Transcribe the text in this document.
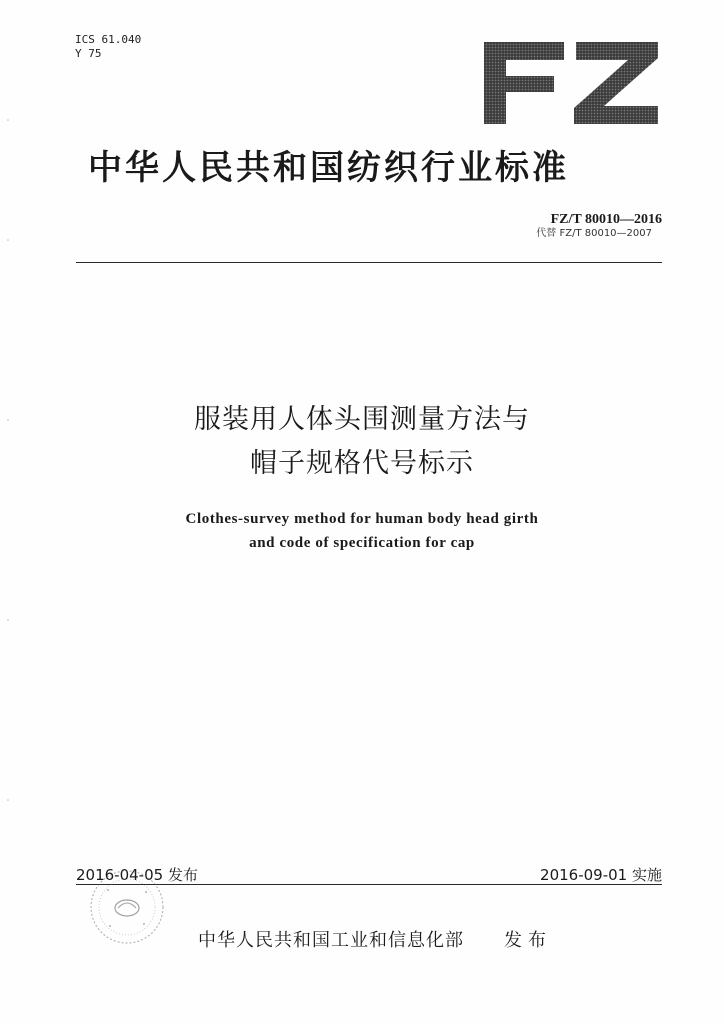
ICS 61.040
Y 75
中华人民共和国纺织行业标准
FZ/T 80010—2016
代替 FZ/T 80010—2007
服装用人体头围测量方法与
帽子规格代号标示
Clothes-survey method for human body head girth
and code of specification for cap
2016-04-05 发布	2016-09-01 实施
中华人民共和国工业和信息化部 发布
